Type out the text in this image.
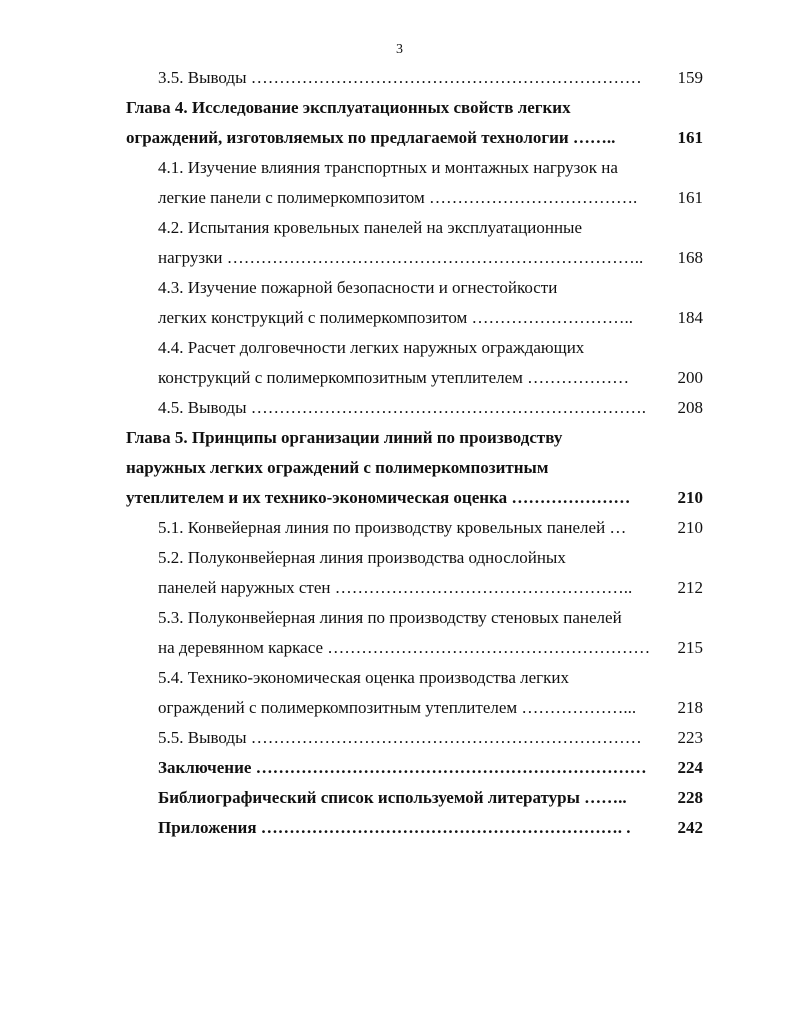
3
3.5. Выводы ……………………………………………………………	159
Глава 4. Исследование эксплуатационных свойств легких
ограждений, изготовляемых по предлагаемой технологии ……..	161
4.1. Изучение влияния транспортных и монтажных нагрузок на
легкие панели с полимеркомпозитом ……………………………….	161
4.2. Испытания кровельных панелей на эксплуатационные
нагрузки ………………………………………………………………..	168
4.3. Изучение пожарной безопасности и огнестойкости
легких конструкций с полимеркомпозитом ………………………..	184
4.4. Расчет долговечности легких наружных ограждающих
конструкций с полимеркомпозитным утеплителем ………………	200
4.5. Выводы …………………………………………………………….	208
Глава 5. Принципы организации линий по производству
наружных легких ограждений с полимеркомпозитным
утеплителем и их технико-экономическая оценка …………………	210
5.1. Конвейерная линия по производству кровельных панелей …	210
5.2. Полуконвейерная линия производства однослойных
панелей наружных стен ……………………………………………..	212
5.3. Полуконвейерная линия по производству стеновых панелей
на деревянном каркасе …………………………………………………	215
5.4. Технико-экономическая оценка производства легких
ограждений с полимеркомпозитным утеплителем ………………...	218
5.5. Выводы ……………………………………………………………	223
Заключение ……………………………………………………………	224
Библиографический список используемой литературы ……..	228
Приложения ………………………………………………………. .	242
